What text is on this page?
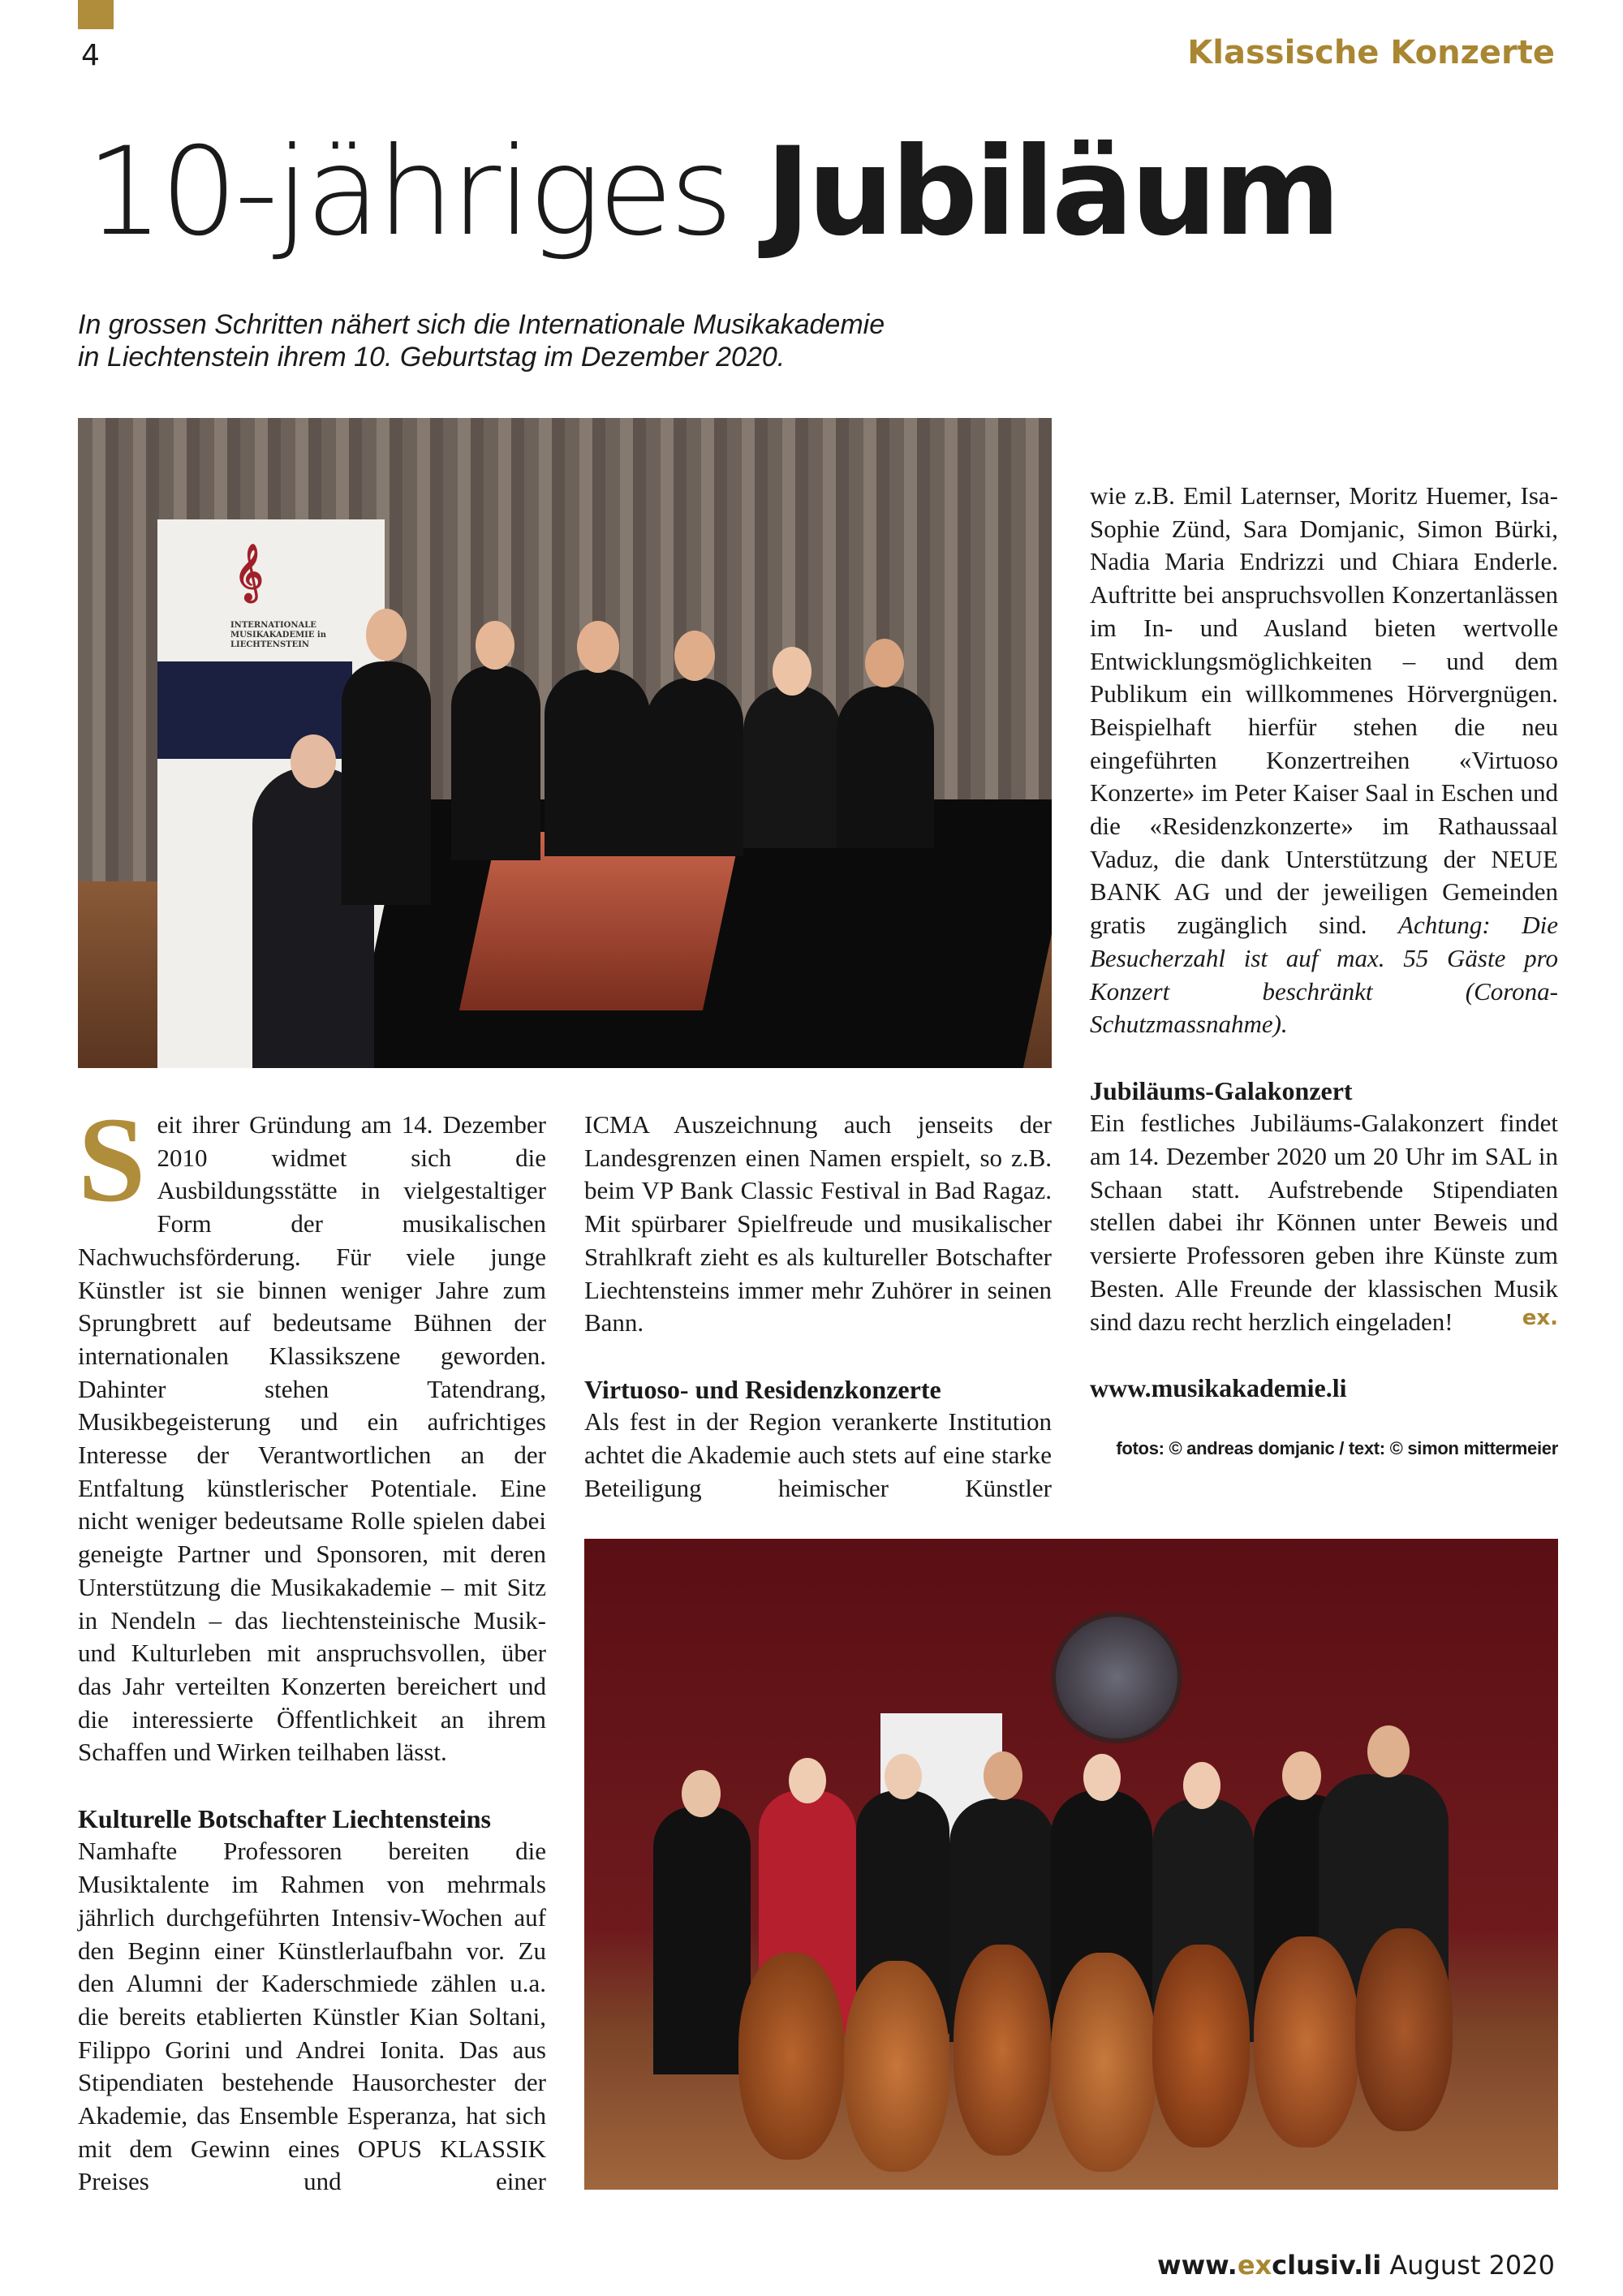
4	Klassische Konzerte
10-jähriges Jubiläum
In grossen Schritten nähert sich die Internationale Musikakademie
in Liechtenstein ihrem 10. Geburtstag im Dezember 2020.
𝄞
INTERNATIONALE MUSIKAKADEMIE in LIECHTENSTEIN

Seit ihrer Gründung am 14. Dezember 2010 widmet sich die Ausbildungsstätte in vielgestaltiger Form der musikalischen Nachwuchsförderung. Für viele junge Künstler ist sie binnen weniger Jahre zum Sprungbrett auf bedeutsame Bühnen der internationalen Klassikszene geworden. Dahinter stehen Tatendrang, Musikbegeisterung und ein aufrichtiges Interesse der Verantwortlichen an der Entfaltung künstlerischer Potentiale. Eine nicht weniger bedeutsame Rolle spielen dabei geneigte Partner und Sponsoren, mit deren Unterstützung die Musikakademie – mit Sitz in Nendeln – das liechtensteinische Musik- und Kulturleben mit anspruchsvollen, über das Jahr verteilten Konzerten bereichert und die interessierte Öffentlichkeit an ihrem Schaffen und Wirken teilhaben lässt.

Kulturelle Botschafter Liechtensteins

Namhafte Professoren bereiten die Musiktalente im Rahmen von mehrmals jährlich durchgeführten Intensiv-Wochen auf den Beginn einer Künstlerlaufbahn vor. Zu den Alumni der Kaderschmiede zählen u.a. die bereits etablierten Künstler Kian Soltani, Filippo Gorini und Andrei Ionita. Das aus Stipendiaten bestehende Hausorchester der Akademie, das Ensemble Esperanza, hat sich mit dem Gewinn eines OPUS KLASSIK Preises und einer

ICMA Auszeichnung auch jenseits der Landesgrenzen einen Namen erspielt, so z.B. beim VP Bank Classic Festival in Bad Ragaz. Mit spürbarer Spielfreude und musikalischer Strahlkraft zieht es als kultureller Botschafter Liechtensteins immer mehr Zuhörer in seinen Bann.

Virtuoso- und Residenzkonzerte

Als fest in der Region verankerte Institution achtet die Akademie auch stets auf eine starke Beteiligung heimischer Künstler

wie z.B. Emil Laternser, Moritz Huemer, Isa-Sophie Zünd, Sara Domjanic, Simon Bürki, Nadia Maria Endrizzi und Chiara Enderle. Auftritte bei anspruchsvollen Konzertanlässen im In- und Ausland bieten wertvolle Entwicklungsmöglichkeiten – und dem Publikum ein willkommenes Hörvergnügen. Beispielhaft hierfür stehen die neu eingeführten Konzertreihen «Virtuoso Konzerte» im Peter Kaiser Saal in Eschen und die «Residenzkonzerte» im Rathaussaal Vaduz, die dank Unterstützung der NEUE BANK AG und der jeweiligen Gemeinden gratis zugänglich sind. Achtung: Die Besucherzahl ist auf max. 55 Gäste pro Konzert beschränkt (Corona-Schutzmassnahme).

Jubiläums-Galakonzert

Ein festliches Jubiläums-Galakonzert findet am 14. Dezember 2020 um 20 Uhr im SAL in Schaan statt. Aufstrebende Stipendiaten stellen dabei ihr Können unter Beweis und versierte Professoren geben ihre Künste zum Besten. Alle Freunde der klassischen Musik sind dazu recht herzlich eingeladen!	ex.

www.musikakademie.li
fotos: © andreas domjanic / text: © simon mittermeier
www.exclusiv.li August 2020
